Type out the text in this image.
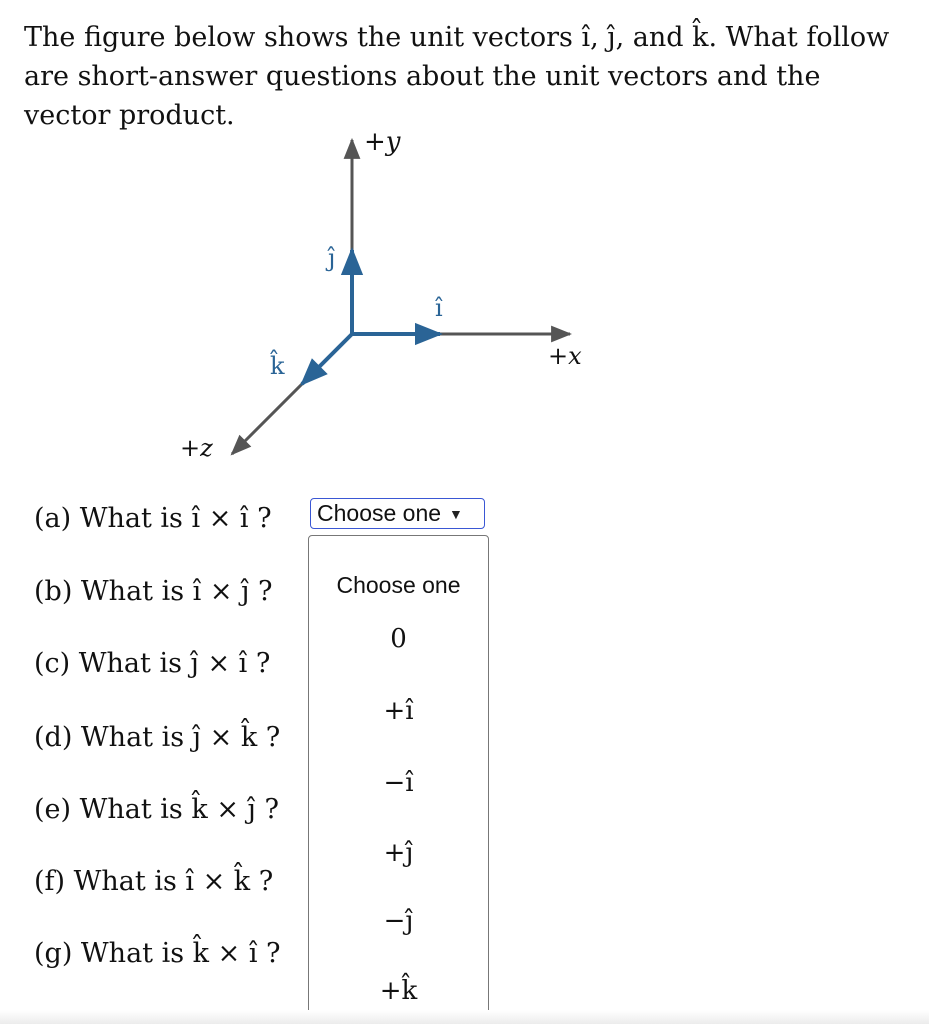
The figure below shows the unit vectors î, ĵ, and k̂. What follow are short-answer questions about the unit vectors and the vector product.

+y
+x
+z
ĵ
î
k̂
(a) What is î × î ?
(b) What is î × ĵ ?
(c) What is ĵ × î ?
(d) What is ĵ × k̂ ?
(e) What is k̂ × ĵ ?
(f) What is î × k̂ ?
(g) What is k̂ × î ?
Choose one ▼
Choose one
0
+î
−î
+ĵ
−ĵ
+k̂
